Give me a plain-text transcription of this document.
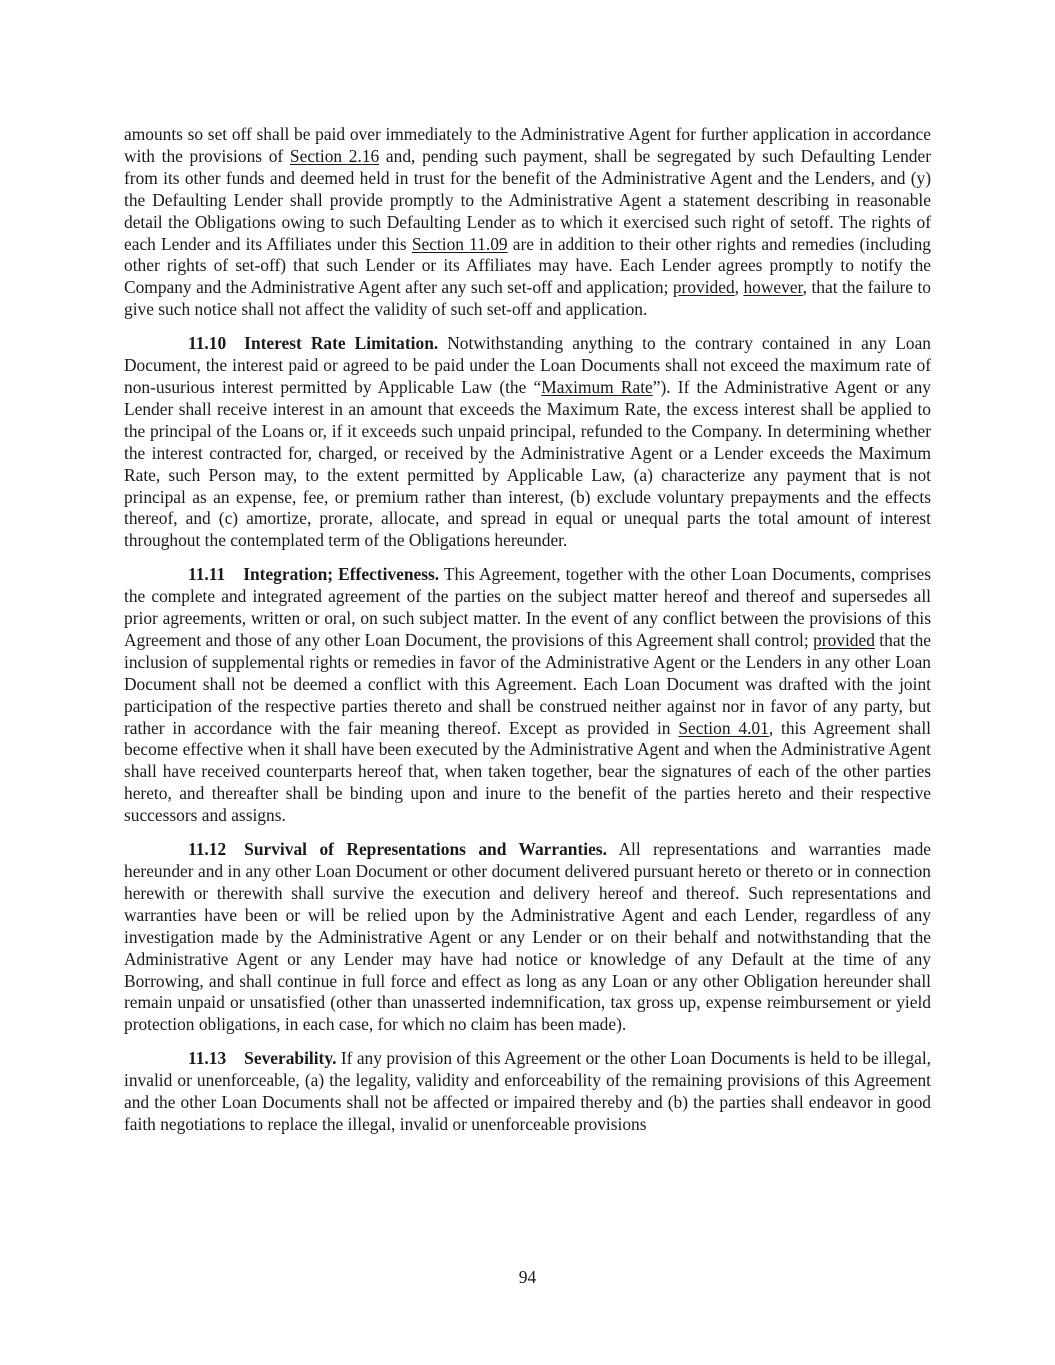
amounts so set off shall be paid over immediately to the Administrative Agent for further application in accordance with the provisions of Section 2.16 and, pending such payment, shall be segregated by such Defaulting Lender from its other funds and deemed held in trust for the benefit of the Administrative Agent and the Lenders, and (y) the Defaulting Lender shall provide promptly to the Administrative Agent a statement describing in reasonable detail the Obligations owing to such Defaulting Lender as to which it exercised such right of setoff. The rights of each Lender and its Affiliates under this Section 11.09 are in addition to their other rights and remedies (including other rights of set-off) that such Lender or its Affiliates may have. Each Lender agrees promptly to notify the Company and the Administrative Agent after any such set-off and application; provided, however, that the failure to give such notice shall not affect the validity of such set-off and application.

11.10 Interest Rate Limitation. Notwithstanding anything to the contrary contained in any Loan Document, the interest paid or agreed to be paid under the Loan Documents shall not exceed the maximum rate of non-usurious interest permitted by Applicable Law (the “Maximum Rate”). If the Administrative Agent or any Lender shall receive interest in an amount that exceeds the Maximum Rate, the excess interest shall be applied to the principal of the Loans or, if it exceeds such unpaid principal, refunded to the Company. In determining whether the interest contracted for, charged, or received by the Administrative Agent or a Lender exceeds the Maximum Rate, such Person may, to the extent permitted by Applicable Law, (a) characterize any payment that is not principal as an expense, fee, or premium rather than interest, (b) exclude voluntary prepayments and the effects thereof, and (c) amortize, prorate, allocate, and spread in equal or unequal parts the total amount of interest throughout the contemplated term of the Obligations hereunder.

11.11 Integration; Effectiveness. This Agreement, together with the other Loan Documents, comprises the complete and integrated agreement of the parties on the subject matter hereof and thereof and supersedes all prior agreements, written or oral, on such subject matter. In the event of any conflict between the provisions of this Agreement and those of any other Loan Document, the provisions of this Agreement shall control; provided that the inclusion of supplemental rights or remedies in favor of the Administrative Agent or the Lenders in any other Loan Document shall not be deemed a conflict with this Agreement. Each Loan Document was drafted with the joint participation of the respective parties thereto and shall be construed neither against nor in favor of any party, but rather in accordance with the fair meaning thereof. Except as provided in Section 4.01, this Agreement shall become effective when it shall have been executed by the Administrative Agent and when the Administrative Agent shall have received counterparts hereof that, when taken together, bear the signatures of each of the other parties hereto, and thereafter shall be binding upon and inure to the benefit of the parties hereto and their respective successors and assigns.

11.12 Survival of Representations and Warranties. All representations and warranties made hereunder and in any other Loan Document or other document delivered pursuant hereto or thereto or in connection herewith or therewith shall survive the execution and delivery hereof and thereof. Such representations and warranties have been or will be relied upon by the Administrative Agent and each Lender, regardless of any investigation made by the Administrative Agent or any Lender or on their behalf and notwithstanding that the Administrative Agent or any Lender may have had notice or knowledge of any Default at the time of any Borrowing, and shall continue in full force and effect as long as any Loan or any other Obligation hereunder shall remain unpaid or unsatisfied (other than unasserted indemnification, tax gross up, expense reimbursement or yield protection obligations, in each case, for which no claim has been made).

11.13 Severability. If any provision of this Agreement or the other Loan Documents is held to be illegal, invalid or unenforceable, (a) the legality, validity and enforceability of the remaining provisions of this Agreement and the other Loan Documents shall not be affected or impaired thereby and (b) the parties shall endeavor in good faith negotiations to replace the illegal, invalid or unenforceable provisions

94
